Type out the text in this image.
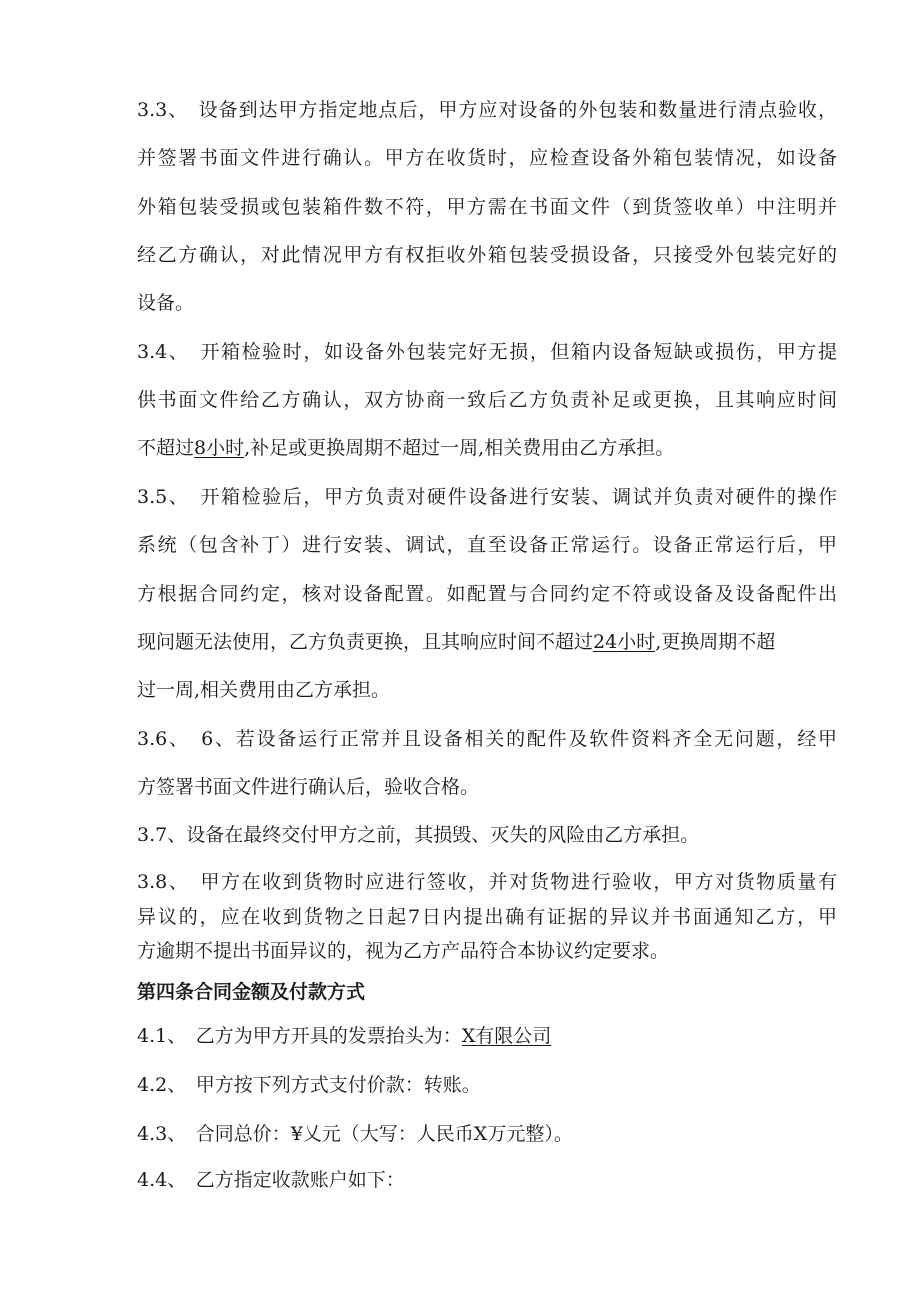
3.3、　设备到达甲方指定地点后，甲方应对设备的外包装和数量进行清点验收，
并签署书面文件进行确认。甲方在收货时，应检查设备外箱包装情况，如设备
外箱包装受损或包装箱件数不符，甲方需在书面文件（到货签收单）中注明并
经乙方确认，对此情况甲方有权拒收外箱包装受损设备，只接受外包装完好的
设备。
3.4、　开箱检验时，如设备外包装完好无损，但箱内设备短缺或损伤，甲方提
供书面文件给乙方确认，双方协商一致后乙方负责补足或更换，且其响应时间
不超过8小时,补足或更换周期不超过一周,相关费用由乙方承担。
3.5、　开箱检验后，甲方负责对硬件设备进行安装、调试并负责对硬件的操作
系统（包含补丁）进行安装、调试，直至设备正常运行。设备正常运行后，甲
方根据合同约定，核对设备配置。如配置与合同约定不符或设备及设备配件出
现问题无法使用，乙方负责更换，且其响应时间不超过24小时,更换周期不超
过一周,相关费用由乙方承担。
3.6、　6、若设备运行正常并且设备相关的配件及软件资料齐全无问题，经甲
方签署书面文件进行确认后，验收合格。
3.7、设备在最终交付甲方之前，其损毁、灭失的风险由乙方承担。
3.8、　甲方在收到货物时应进行签收，并对货物进行验收，甲方对货物质量有
异议的，应在收到货物之日起7日内提出确有证据的异议并书面通知乙方，甲
方逾期不提出书面异议的，视为乙方产品符合本协议约定要求。
第四条合同金额及付款方式
4.1、　乙方为甲方开具的发票抬头为：X有限公司
4.2、　甲方按下列方式支付价款：转账。
4.3、　合同总价：¥乂元（大写：人民币X万元整）。
4.4、　乙方指定收款账户如下：
